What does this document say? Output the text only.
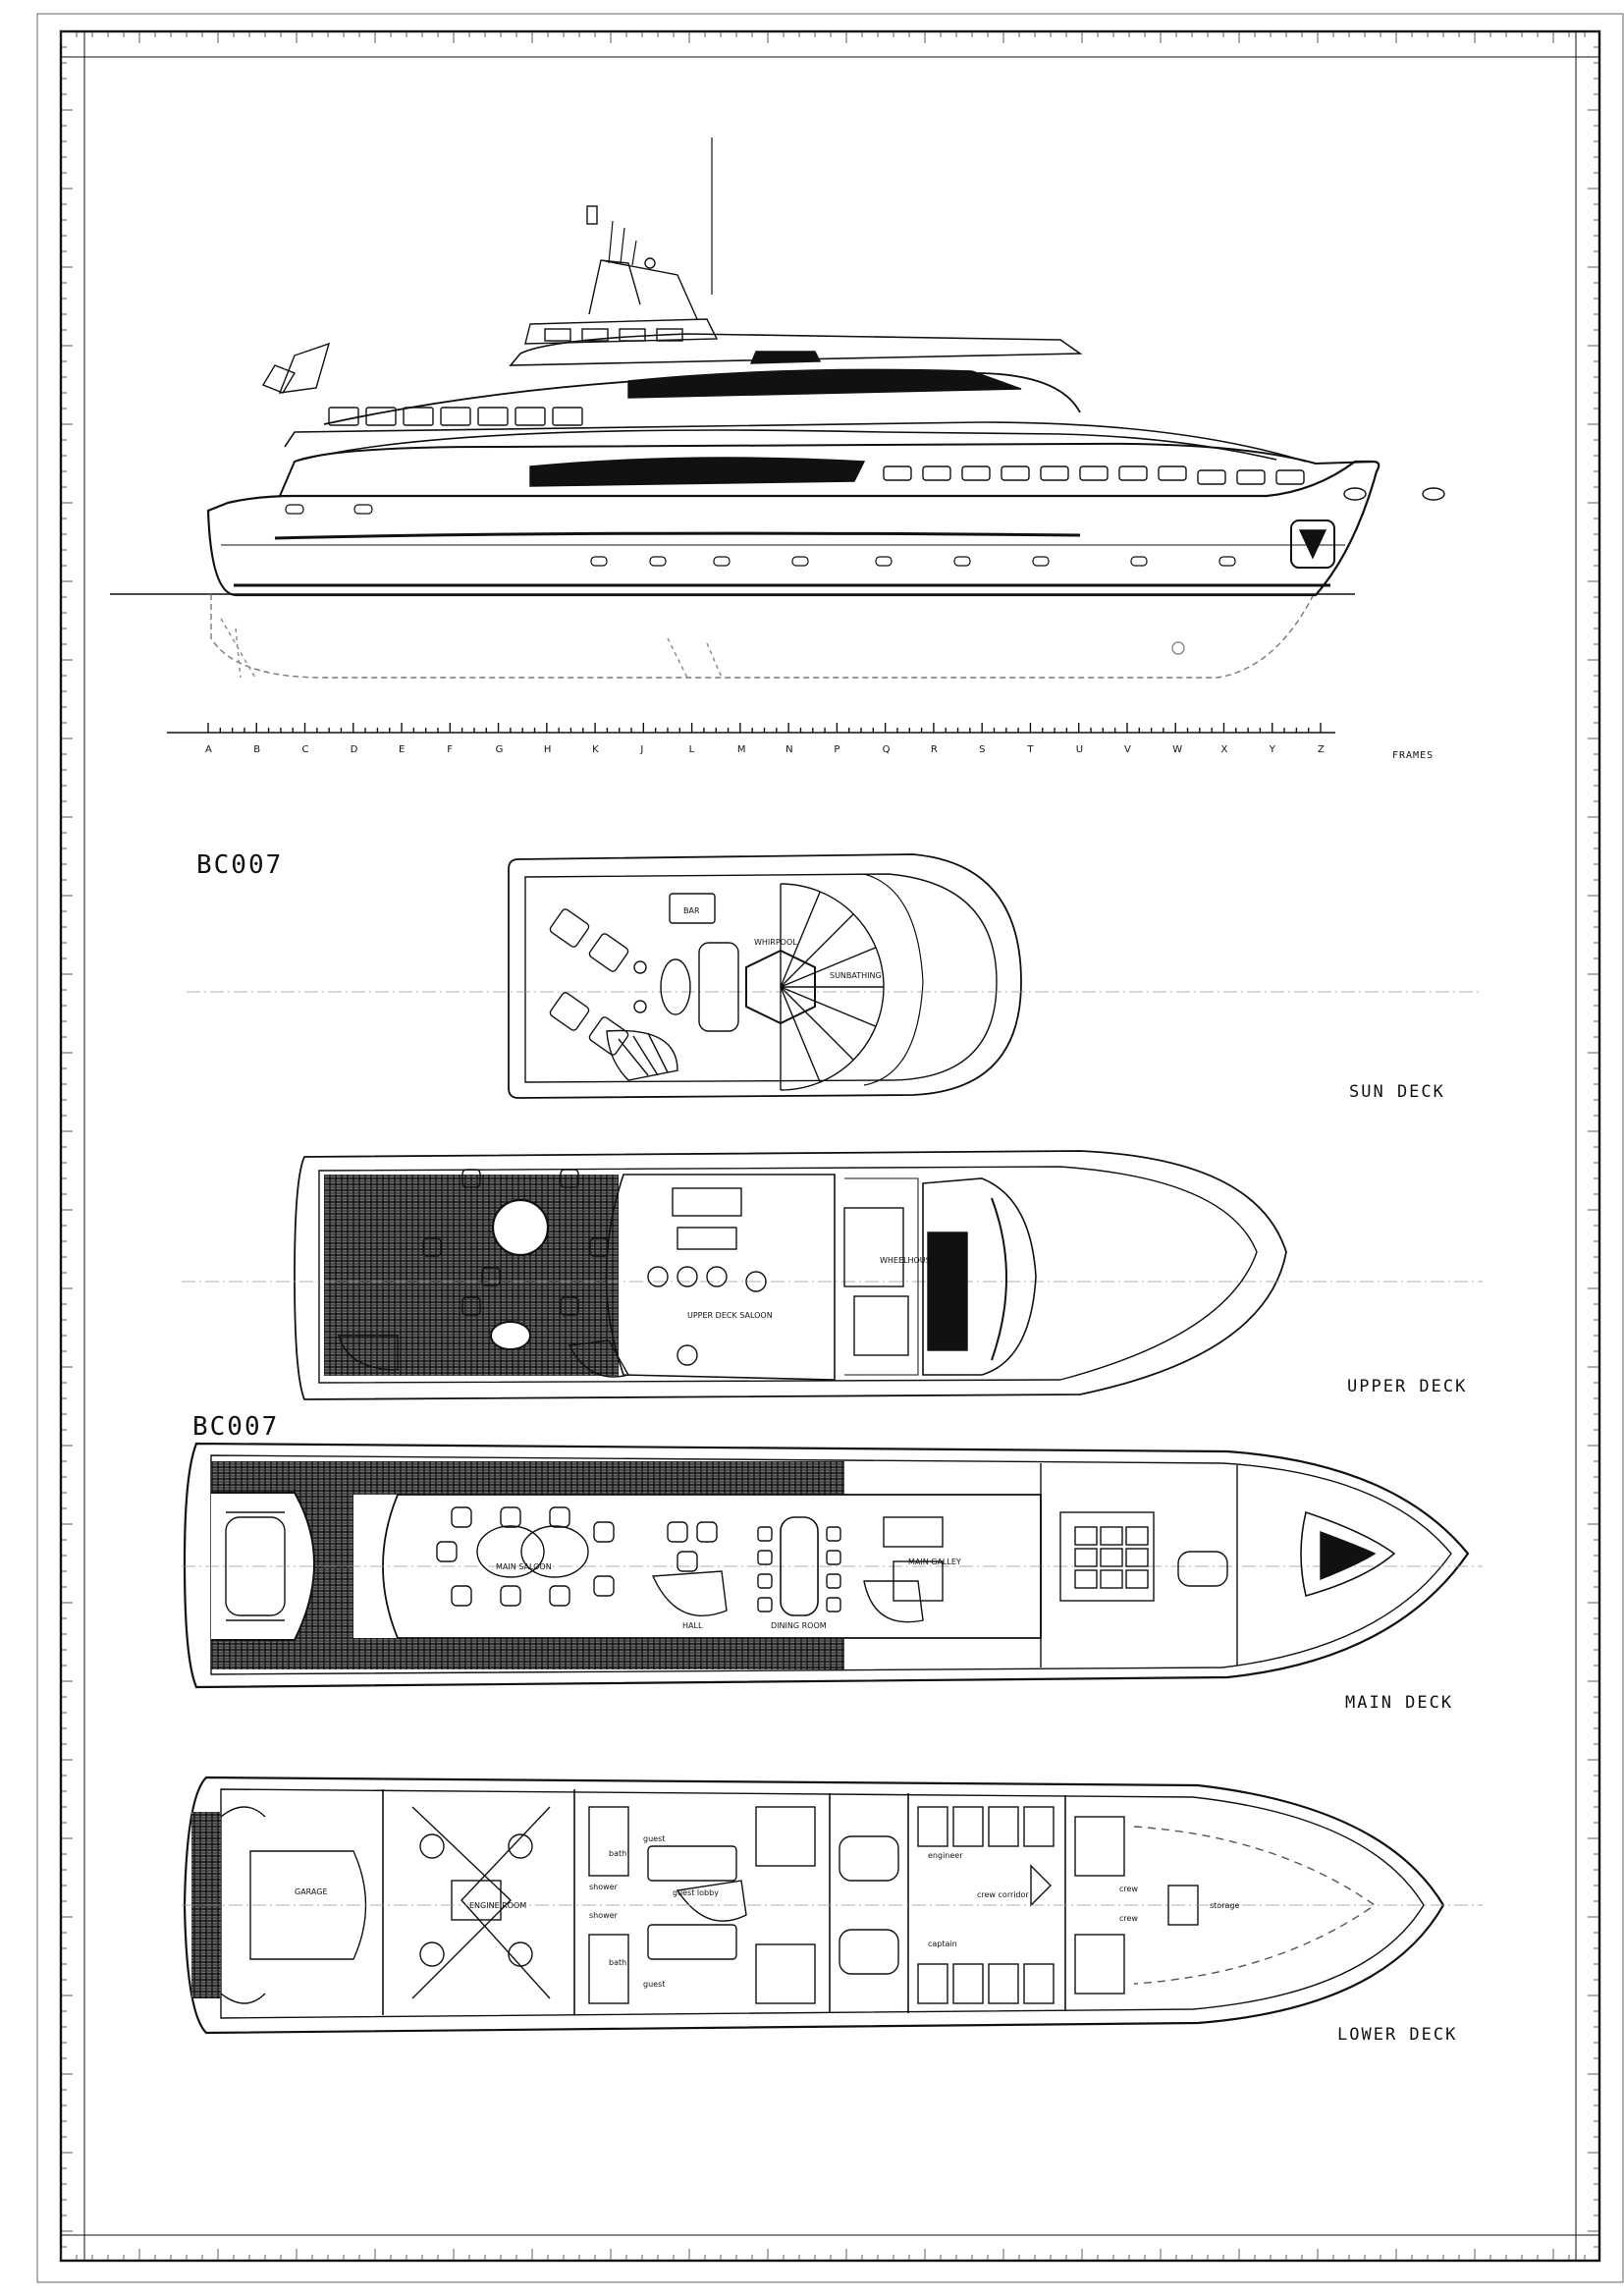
BAR
WHIRPOOL
SUNBATHING
UPPER DECK SALOON
WHEELHOUSE
MAIN SALOON
HALL	DINING ROOM
MAIN GALLEY
GARAGE
ENGINE ROOM
guest
guest
guest lobby
bath
bath
shower
shower
crew corridor
engineer
crew
crew
captain
storage
A	B	C	D	E	F	G	H	K	J	L	M	N	P	Q	R	S	T	U	V	W	X	Y	Z
BC007
BC007
FRAMES
SUN DECK
UPPER DECK
MAIN DECK
LOWER DECK
